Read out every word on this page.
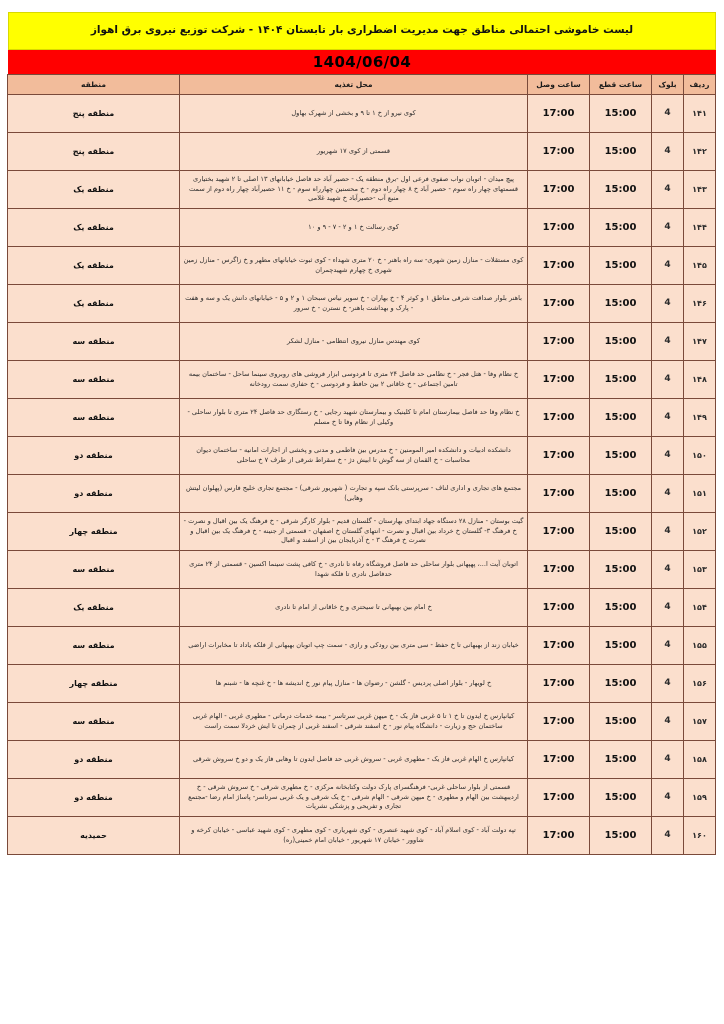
لیست خاموشی احتمالی مناطق جهت مدیریت اضطراری بار تابستان ۱۴۰۴ - شرکت توزیع نیروی برق اهواز
1404/06/04
ردیف	بلوک	ساعت قطع	ساعت وصل	محل تغذیه	منطقه
۱۴۱	4	15:00	17:00	کوی نیرو از خ ۱ تا ۹ و بخشی از شهرک بهاول	منطقه پنج
۱۴۲	4	15:00	17:00	قسمتی از کوی ۱۷ شهریور	منطقه پنج
۱۴۳	4	15:00	17:00	پیچ میدان - اتوبان نواب صفوی فرعی اول -برق منطقه یک - حصیر آباد حد فاصل خیابانهای ۱۳ اصلی تا ۲ شهید بختیاری قسمتهای چهار راه سوم - حصیر آباد خ ۸ چهار راه دوم - خ محسنین چهارراه سوم - خ ۱۱ حصیرآباد چهار راه دوم از سمت منبع آب -حصیرآباد خ شهید غلامی	منطقه یک
۱۴۴	4	15:00	17:00	کوی رسالت خ ۱ و ۲ - ۷ - ۹ و ۱۰	منطقه یک
۱۴۵	4	15:00	17:00	کوی مستقلات - منازل زمین شهری- سه راه باهنر - خ ۲۰ متری شهداء - کوی ثبوت خیابانهای مطهر و خ زاگرس - منازل زمین شهری خ چهارم شهیدچمران	منطقه یک
۱۴۶	4	15:00	17:00	باهنر بلوار صداقت شرقی مناطق ۱ و کوثر ۴ - خ بهاران - خ سوپر نیاس سبحان ۱ و ۲ و ۵ - خیابانهای دانش یک و سه و هفت - پارک و بهداشت باهنر- خ نسترن - خ سرور	منطقه یک
۱۴۷	4	15:00	17:00	کوی مهندس منازل نیروی انتظامی - منازل لشکر	منطقه سه
۱۴۸	4	15:00	17:00	خ نظام وفا - هتل فجر - خ نظامی حد فاصل ۲۴ متری تا فردوسی ابزار فروشی های روبروی سینما ساحل - ساختمان بیمه تامین اجتماعی - خ خاقانی ۲ بین حافظ و فردوسی - خ حفاری سمت رودخانه	منطقه سه
۱۴۹	4	15:00	17:00	خ نظام وفا حد فاصل بیمارستان امام تا کلینیک و بیمارستان شهید رجایی - خ رستگاری حد فاصل ۲۴ متری تا بلوار ساحلی - وکیلی از نظام وفا تا خ مسلم	منطقه سه
۱۵۰	4	15:00	17:00	دانشکده ادبیات و دانشکده امیر المومنین - خ مدرس بین فاطمی و مدنی و پخشی از اجارات امانیه - ساختمان دیوان محاسبات - خ القمان از سه گوش تا ابیش دژ - خ سقراط شرقی از طرف ۷ خ ساحلی	منطقه دو
۱۵۱	4	15:00	17:00	مجتمع های تجاری و اداری لناف - سرپرستی بانک سپه و تجارت ( شهریور شرقی) - مجتمع تجاری خلیج فارس (پهلوان لیتش وهابی)	منطقه دو
۱۵۲	4	15:00	17:00	گیت بوستان - منازل ۲۸ دستگاه جهاد ابتدای بهارستان - گلستان قدیم - بلوار کارگر شرقی - خ فرهنگ یک بین اقبال و نصرت - خ فرهنگ ۳- گلستان خ خرداد بین اقبال و نصرت - انتهای گلستان خ اصفهان - قسمتی از جنینه - خ فرهنگ یک بین اقبال و نصرت خ فرهنگ ۳ - خ آذربایجان بین از اسفند و اقبال	منطقه چهار
۱۵۳	4	15:00	17:00	اتوبان آیت ا...، پهپهانی بلوار ساحلی حد فاصل فروشگاه رفاه تا نادری - خ کافی پشت سینما اکسین - قسمتی از ۲۴ متری حدفاصل نادری تا فلکه شهدا	منطقه سه
۱۵۴	4	15:00	17:00	خ امام بین بهبهانی تا سیحتری و خ خاقانی از امام تا نادری	منطقه یک
۱۵۵	4	15:00	17:00	خیابان زند از بهبهانی تا خ حفظ - سی متری بین رودکی و رازی - سمت چپ اتوبان بهبهانی از فلکه یاداد تا مخابرات اراضی	منطقه سه
۱۵۶	4	15:00	17:00	خ لویهار - بلوار اصلی پردیس - گلشن - رضوان ها - منازل پیام نور خ اندیشه ها - خ غنچه ها - شبنم ها	منطقه چهار
۱۵۷	4	15:00	17:00	کیانپارس خ ایدون تا خ ۱ تا ۵ غربی فاز یک - خ میهن غربی سرتاسر - بیمه خدمات درمانی - مطهری غربی - الهام غربی ساختمان حج و زیارت - دانشگاه پیام نور - خ اسفند شرقی - اسفند غربی از چمران تا ایش خردلا سمت راست	منطقه سه
۱۵۸	4	15:00	17:00	کیانپارس خ الهام غربی فاز یک - مطهری غربی - سروش غربی حد فاصل ایدون تا وهابی فاز یک و دو خ سروش شرقی	منطقه دو
۱۵۹	4	15:00	17:00	قسمتی از بلوار ساحلی غربی- فرهنگسرای پارک دولت وکتابخانه مرکزی - خ مطهری شرقی - خ سروش شرقی - خ اردیبهشت بین الهام و مطهری - خ میهن شرقی - الهام شرقی - خ یک شرقی و یک غربی سرتاسر- پاساژ امام رضا -مجتمع تجاری و تفریحی و پزشکی نشریات	منطقه دو
۱۶۰	4	15:00	17:00	تپه دولت آباد - کوی اسلام آباد - کوی شهید عنصری - کوی شهریاری - کوی مطهری - کوی شهید عباسی - خیابان کرخه و شاوور - خیابان ۱۷ شهریور - خیابان امام خمینی(ره)	حمیدیه
